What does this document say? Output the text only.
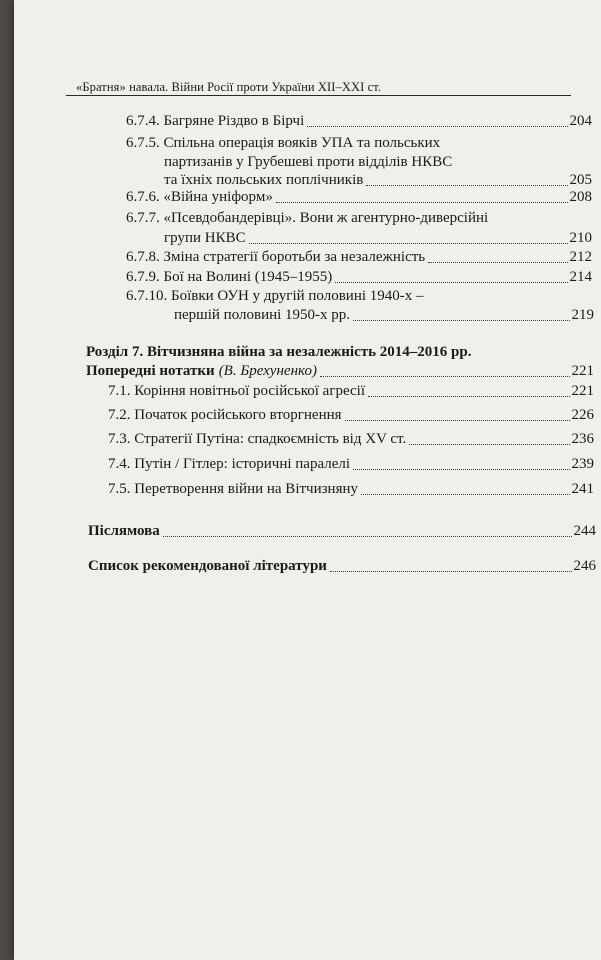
«Братня» навала. Війни Росії проти України XII–XXI ст.
6.7.4. Багряне Різдво в Бірчі	204
6.7.5. Спільна операція вояків УПА та польських
партизанів у Грубешеві проти відділів НКВС
та їхніх польських поплічників	205
6.7.6. «Війна уніформ»	208
6.7.7. «Псевдобандерівці». Вони ж агентурно-диверсійні
групи НКВС	210
6.7.8. Зміна стратегії боротьби за незалежність	212
6.7.9. Бої на Волині (1945–1955)	214
6.7.10. Боївки ОУН у другій половині 1940-х –
першій половині 1950-х рр.	219
Розділ 7. Вітчизняна війна за незалежність 2014–2016 рр.
Попередні нотатки (В. Брехуненко)	221
7.1. Коріння новітньої російської агресії	221
7.2. Початок російського вторгнення	226
7.3. Стратегії Путіна: спадкоємність від XV ст.	236
7.4. Путін / Гітлер: історичні паралелі	239
7.5. Перетворення війни на Вітчизняну	241
Післямова	244
Список рекомендованої літератури	246
